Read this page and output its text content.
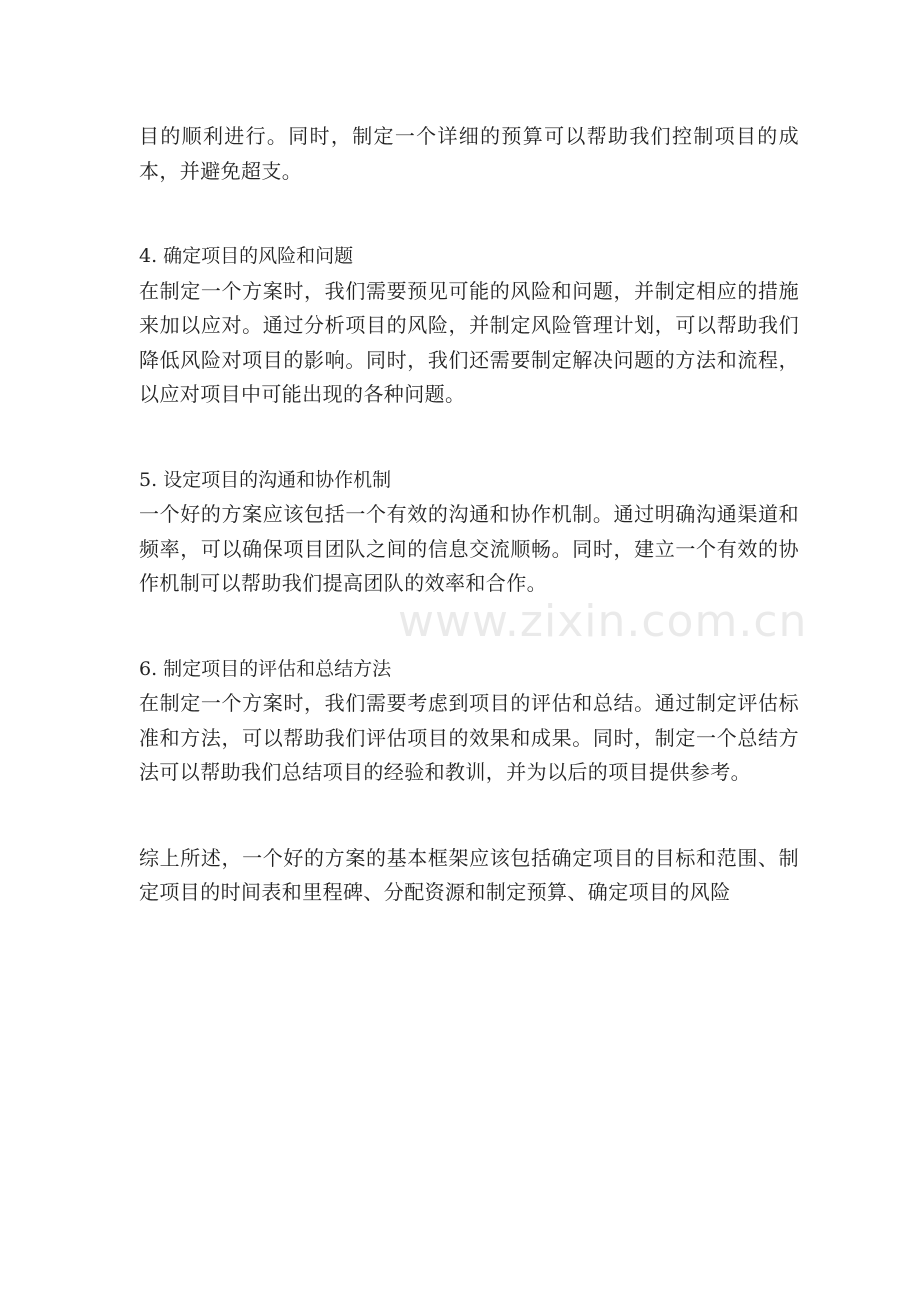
目的顺利进行。同时，制定一个详细的预算可以帮助我们控制项目的成本，并避免超支。

4. 确定项目的风险和问题

在制定一个方案时，我们需要预见可能的风险和问题，并制定相应的措施来加以应对。通过分析项目的风险，并制定风险管理计划，可以帮助我们降低风险对项目的影响。同时，我们还需要制定解决问题的方法和流程，以应对项目中可能出现的各种问题。

5. 设定项目的沟通和协作机制

一个好的方案应该包括一个有效的沟通和协作机制。通过明确沟通渠道和频率，可以确保项目团队之间的信息交流顺畅。同时，建立一个有效的协作机制可以帮助我们提高团队的效率和合作。

6. 制定项目的评估和总结方法

在制定一个方案时，我们需要考虑到项目的评估和总结。通过制定评估标准和方法，可以帮助我们评估项目的效果和成果。同时，制定一个总结方法可以帮助我们总结项目的经验和教训，并为以后的项目提供参考。

综上所述，一个好的方案的基本框架应该包括确定项目的目标和范围、制定项目的时间表和里程碑、分配资源和制定预算、确定项目的风险

www.zixin.com.cn
